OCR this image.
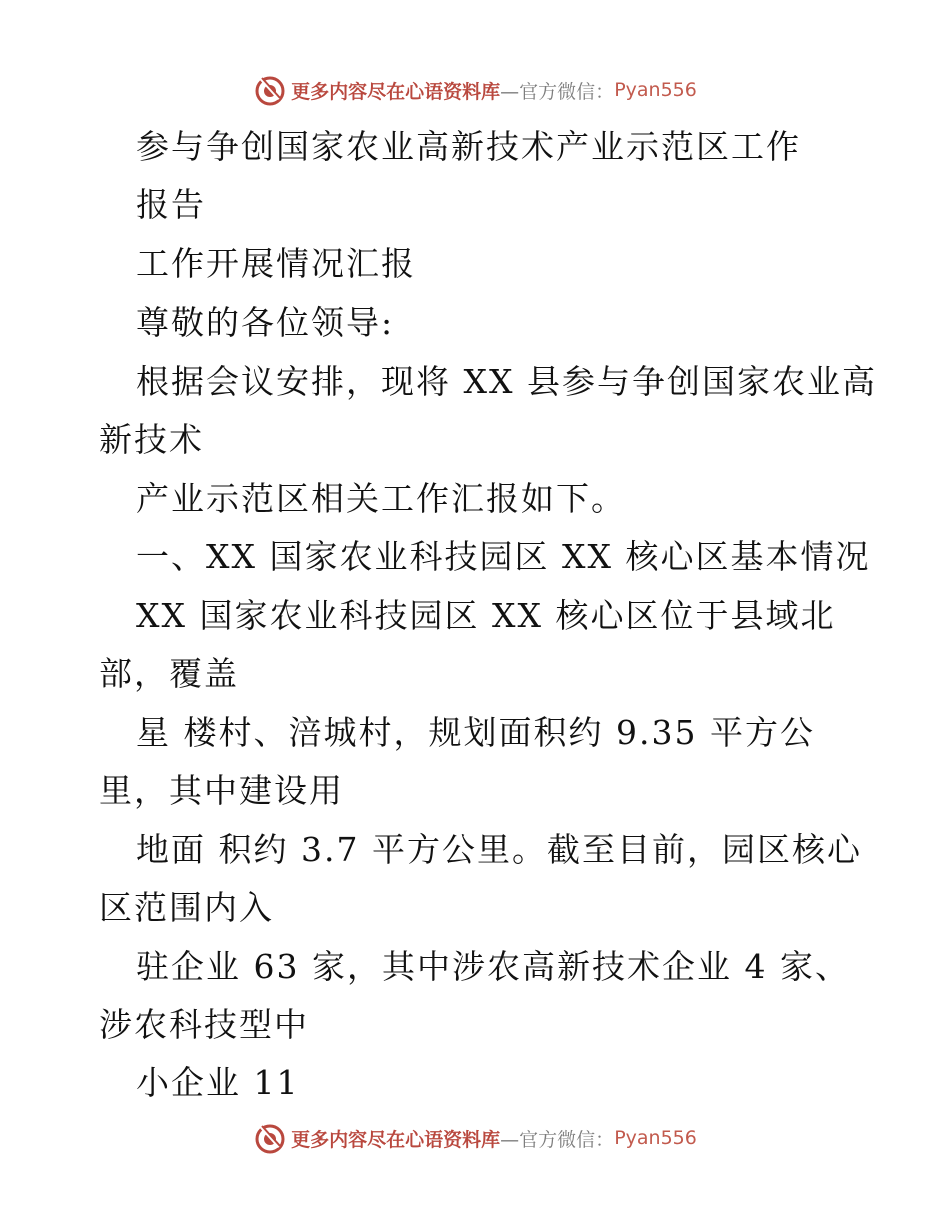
更多内容尽在心语资料库 —官方微信： Pyan556
参与争创国家农业高新技术产业示范区工作
报告
工作开展情况汇报
尊敬的各位领导:
根据会议安排，现将 XX 县参与争创国家农业高
新技术
产业示范区相关工作汇报如下。
一、XX 国家农业科技园区 XX 核心区基本情况
XX 国家农业科技园区 XX 核心区位于县域北
部，覆盖
星 楼村、涪城村，规划面积约 9.35 平方公
里，其中建设用
地面 积约 3.7 平方公里。截至目前，园区核心
区范围内入
驻企业 63 家，其中涉农高新技术企业 4 家、
涉农科技型中
小企业 11
更多内容尽在心语资料库 —官方微信： Pyan556
